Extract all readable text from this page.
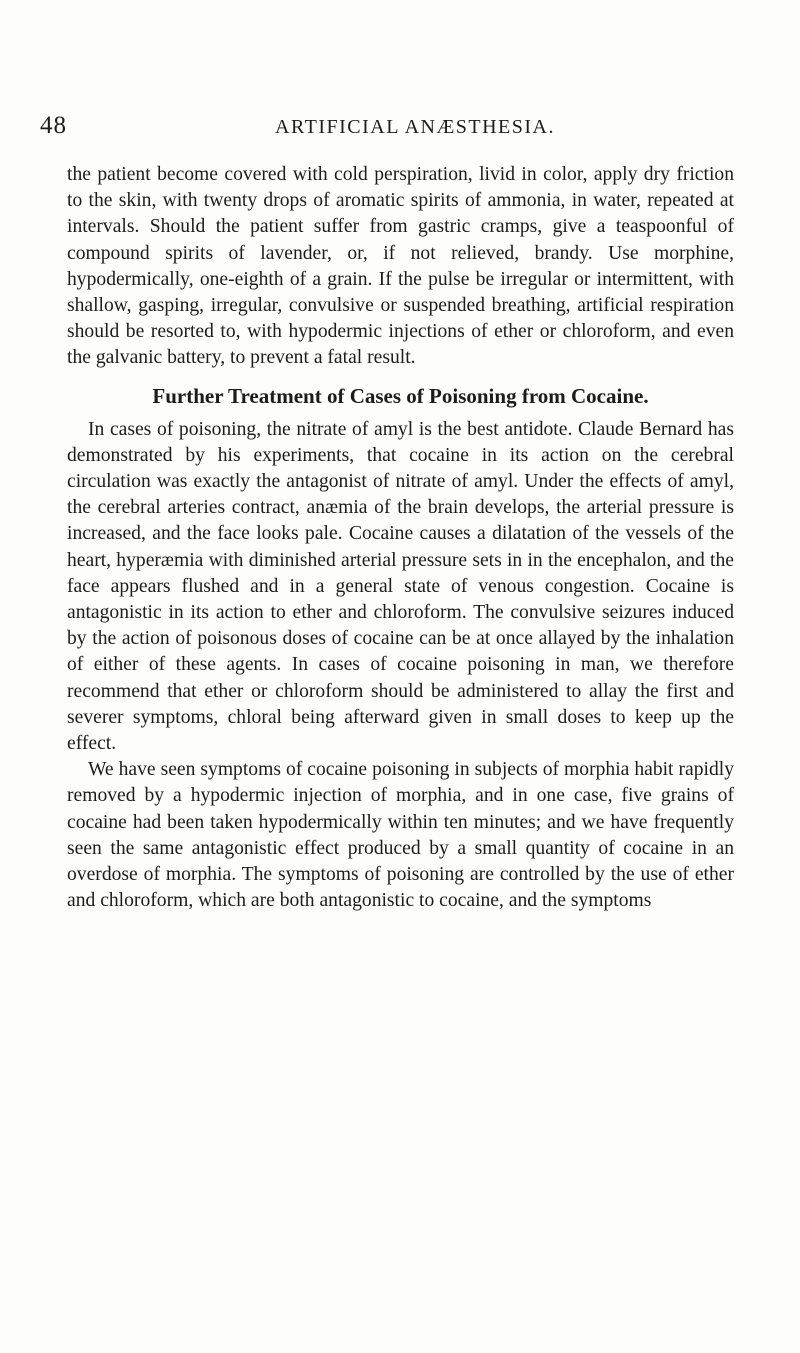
48	ARTIFICIAL ANÆSTHESIA.

the patient become covered with cold perspiration, livid in color, apply dry friction to the skin, with twenty drops of aromatic spirits of ammonia, in water, repeated at intervals. Should the patient suffer from gastric cramps, give a teaspoonful of compound spirits of lavender, or, if not relieved, brandy. Use morphine, hypodermically, one-eighth of a grain. If the pulse be irregular or intermittent, with shallow, gasping, irregular, convulsive or suspended breathing, artificial respiration should be resorted to, with hypodermic injections of ether or chloroform, and even the galvanic battery, to prevent a fatal result.

Further Treatment of Cases of Poisoning from Cocaine.

In cases of poisoning, the nitrate of amyl is the best antidote. Claude Bernard has demonstrated by his experiments, that cocaine in its action on the cerebral circulation was exactly the antagonist of nitrate of amyl. Under the effects of amyl, the cerebral arteries contract, anæmia of the brain develops, the arterial pressure is increased, and the face looks pale. Cocaine causes a dilatation of the vessels of the heart, hyperæmia with diminished arterial pressure sets in in the encephalon, and the face appears flushed and in a general state of venous congestion. Cocaine is antagonistic in its action to ether and chloroform. The convulsive seizures induced by the action of poisonous doses of cocaine can be at once allayed by the inhalation of either of these agents. In cases of cocaine poisoning in man, we therefore recommend that ether or chloroform should be administered to allay the first and severer symptoms, chloral being afterward given in small doses to keep up the effect.

We have seen symptoms of cocaine poisoning in subjects of morphia habit rapidly removed by a hypodermic injection of morphia, and in one case, five grains of cocaine had been taken hypodermically within ten minutes; and we have frequently seen the same antagonistic effect produced by a small quantity of cocaine in an overdose of morphia. The symptoms of poisoning are controlled by the use of ether and chloroform, which are both antagonistic to cocaine, and the symptoms
